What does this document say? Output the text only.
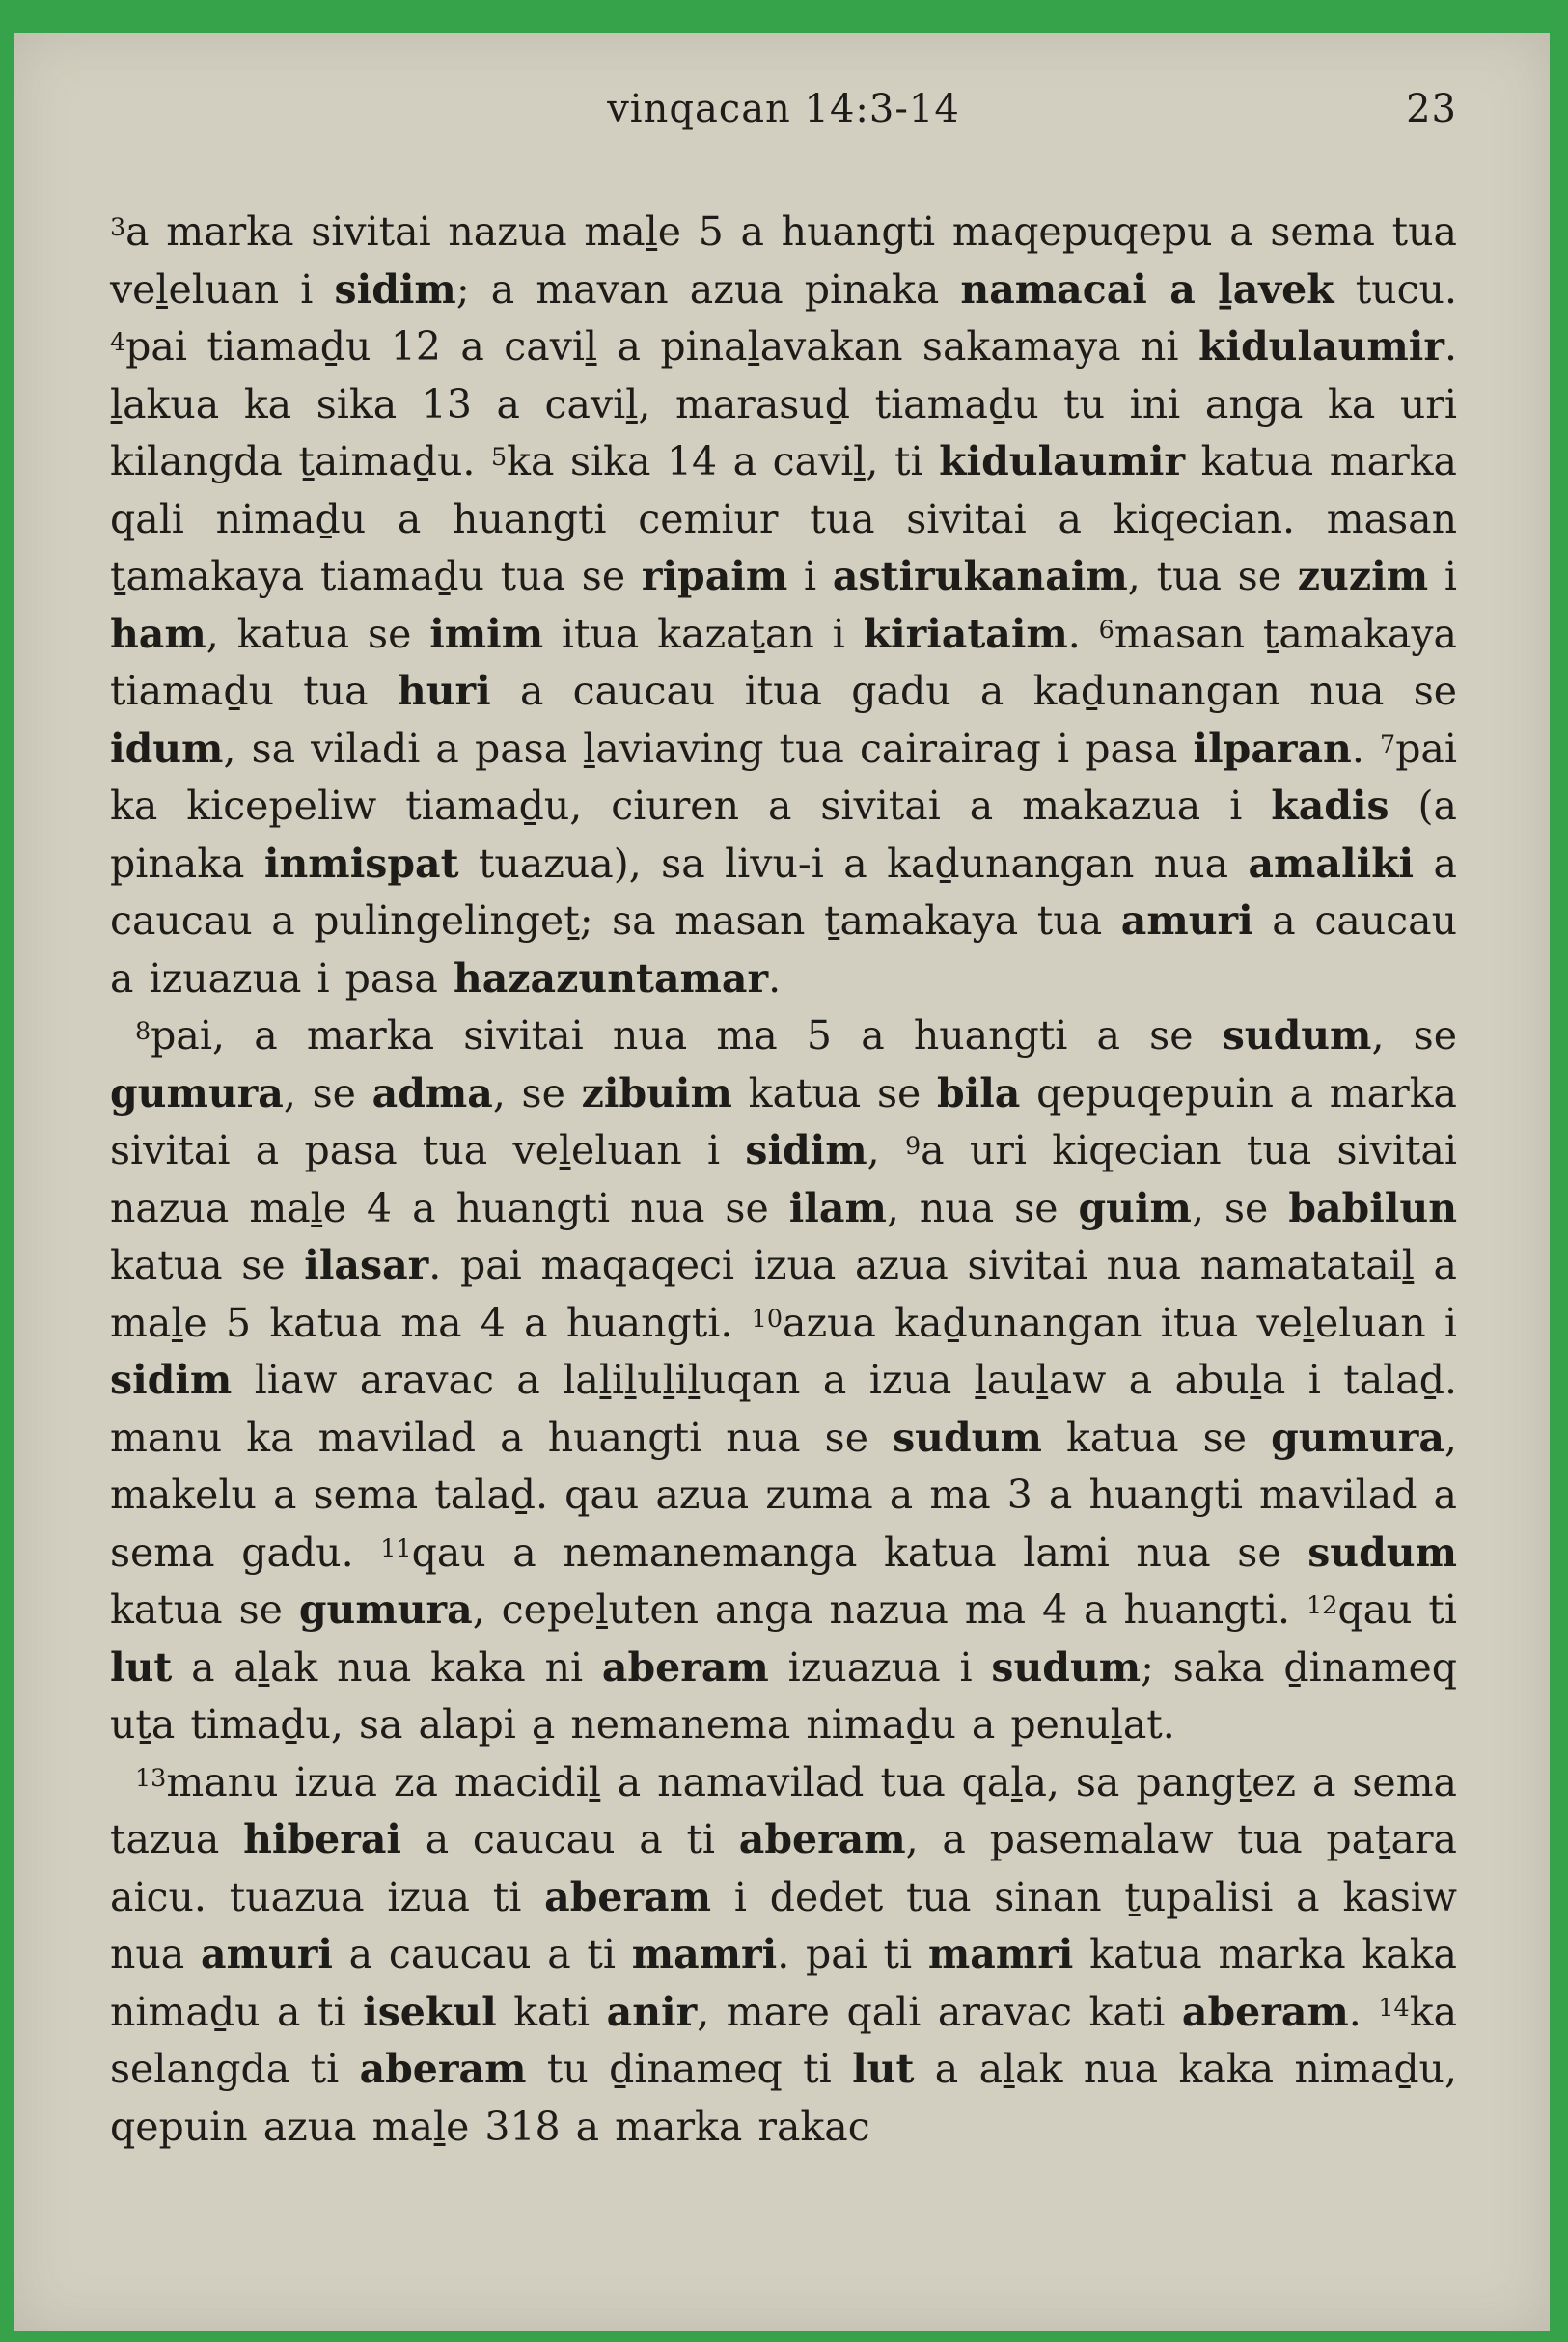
vinqacan 14:3-14	23

$^3$a marka sivitai nazua maḻe 5 a huangti maqepuqepu a sema tua veḻeluan i sidim; a mavan azua pinaka namacai a ḻavek tucu. $^4$pai tiamaḏu 12 a caviḻ a pinaḻavakan sakamaya ni kidulaumir. ḻakua ka sika 13 a caviḻ, marasuḏ tiamaḏu tu ini anga ka uri kilangda ṯaimaḏu. $^5$ka sika 14 a caviḻ, ti kidulaumir katua marka qali nimaḏu a huangti cemiur tua sivitai a kiqecian. masan ṯamakaya tiamaḏu tua se ripaim i astirukanaim, tua se zuzim i ham, katua se imim itua kazaṯan i kiriataim. $^6$masan ṯamakaya tiamaḏu tua huri a caucau itua gadu a kaḏunangan nua se idum, sa viladi a pasa ḻaviaving tua cairairag i pasa ilparan. $^7$pai ka kicepeliw tiamaḏu, ciuren a sivitai a makazua i kadis (a pinaka inmispat tuazua), sa livu-i a kaḏunangan nua amaliki a caucau a pulingelingeṯ; sa masan ṯamakaya tua amuri a caucau a izuazua i pasa hazazuntamar.

$^8$pai, a marka sivitai nua ma 5 a huangti a se sudum, se gumura, se adma, se zibuim katua se bila qepuqepuin a marka sivitai a pasa tua veḻeluan i sidim, $^9$a uri kiqecian tua sivitai nazua maḻe 4 a huangti nua se ilam, nua se guim, se babilun katua se ilasar. pai maqaqeci izua azua sivitai nua namatataiḻ a maḻe 5 katua ma 4 a huangti. $^{10}$azua kaḏunangan itua veḻeluan i sidim liaw aravac a laḻiḻuḻiḻuqan a izua ḻauḻaw a abuḻa i talaḏ. manu ka mavilad a huangti nua se sudum katua se gumura, makelu a sema talaḏ. qau azua zuma a ma 3 a huangti mavilad a sema gadu. $^{11}$qau a nemanemanga katua lami nua se sudum katua se gumura, cepeḻuten anga nazua ma 4 a huangti. $^{12}$qau ti lut a aḻak nua kaka ni aberam izuazua i sudum; saka ḏinameq uṯa timaḏu, sa alapi a̱ nemanema nimaḏu a penuḻat.

$^{13}$manu izua za macidiḻ a namavilad tua qaḻa, sa pangṯez a sema tazua hiberai a caucau a ti aberam, a pasemalaw tua paṯara aicu. tuazua izua ti aberam i dedet tua sinan ṯupalisi a kasiw nua amuri a caucau a ti mamri. pai ti mamri katua marka kaka nimaḏu a ti isekul kati anir, mare qali aravac kati aberam. $^{14}$ka selangda ti aberam tu ḏinameq ti lut a aḻak nua kaka nimaḏu, qepuin azua maḻe 318 a marka rakac
